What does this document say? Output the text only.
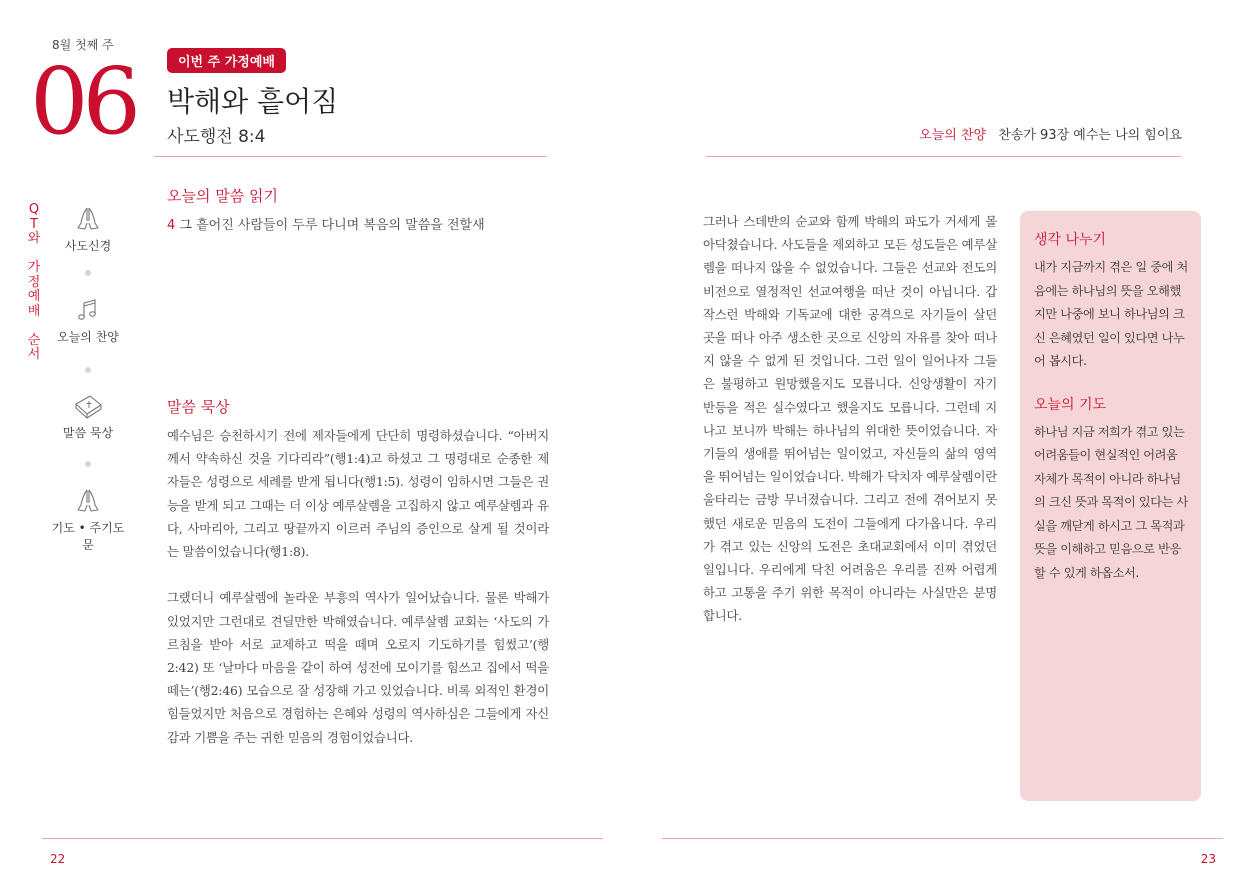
8월 첫째 주
06	이번 주 가정예배
박해와 흩어짐
사도행전 8:4	오늘의 찬양 찬송가 93장 예수는 나의 힘이요
Q
T
와
가
정
예
배
순
서
사도신경
오늘의 찬양
말씀 묵상
기도 • 주기도문
오늘의 말씀 읽기
4 그 흩어진 사람들이 두루 다니며 복음의 말씀을 전할새
말씀 묵상

예수님은 승천하시기 전에 제자들에게 단단히 명령하셨습니다. “아버지께서 약속하신 것을 기다리라”(행1:4)고 하셨고 그 명령대로 순종한 제자들은 성령으로 세례를 받게 됩니다(행1:5). 성령이 임하시면 그들은 권능을 받게 되고 그때는 더 이상 예루살렘을 고집하지 않고 예루살렘과 유다, 사마리아, 그리고 땅끝까지 이르러 주님의 증인으로 살게 될 것이라는 말씀이었습니다(행1:8).

그랬더니 예루살렘에 놀라운 부흥의 역사가 일어났습니다. 물론 박해가 있었지만 그런대로 견딜만한 박해였습니다. 예루살렘 교회는 ‘사도의 가르침을 받아 서로 교제하고 떡을 떼며 오로지 기도하기를 힘썼고’(행2:42) 또 ‘날마다 마음을 같이 하여 성전에 모이기를 힘쓰고 집에서 떡을 떼는’(행2:46) 모습으로 잘 성장해 가고 있었습니다. 비록 외적인 환경이 힘들었지만 처음으로 경험하는 은혜와 성령의 역사하심은 그들에게 자신감과 기쁨을 주는 귀한 믿음의 경험이었습니다.

그러나 스데반의 순교와 함께 박해의 파도가 거세게 몰아닥쳤습니다. 사도들을 제외하고 모든 성도들은 예루살렘을 떠나지 않을 수 없었습니다. 그들은 선교와 전도의 비전으로 열정적인 선교여행을 떠난 것이 아닙니다. 갑작스런 박해와 기독교에 대한 공격으로 자기들이 살던 곳을 떠나 아주 생소한 곳으로 신앙의 자유를 찾아 떠나지 않을 수 없게 된 것입니다. 그런 일이 일어나자 그들은 불평하고 원망했을지도 모릅니다. 신앙생활이 자기 반등을 적은 실수였다고 했을지도 모릅니다. 그런데 지나고 보니까 박해는 하나님의 위대한 뜻이었습니다. 자기들의 생애를 뛰어넘는 일이었고, 자신들의 삶의 영역을 뛰어넘는 일이었습니다. 박해가 닥치자 예루살렘이란 울타리는 금방 무너졌습니다. 그리고 전에 겪어보지 못했던 새로운 믿음의 도전이 그들에게 다가옵니다. 우리가 겪고 있는 신앙의 도전은 초대교회에서 이미 겪었던 일입니다. 우리에게 닥친 어려움은 우리를 진짜 어렵게 하고 고통을 주기 위한 목적이 아니라는 사실만은 분명합니다.
생각 나누기

내가 지금까지 겪은 일 중에 처음에는 하나님의 뜻을 오해했지만 나중에 보니 하나님의 크신 은혜였던 일이 있다면 나누어 봅시다.

오늘의 기도

하나님 지금 저희가 겪고 있는 어려움들이 현실적인 어려움 자체가 목적이 아니라 하나님의 크신 뜻과 목적이 있다는 사실을 깨닫게 하시고 그 목적과 뜻을 이해하고 믿음으로 반응할 수 있게 하옵소서.

22	23
